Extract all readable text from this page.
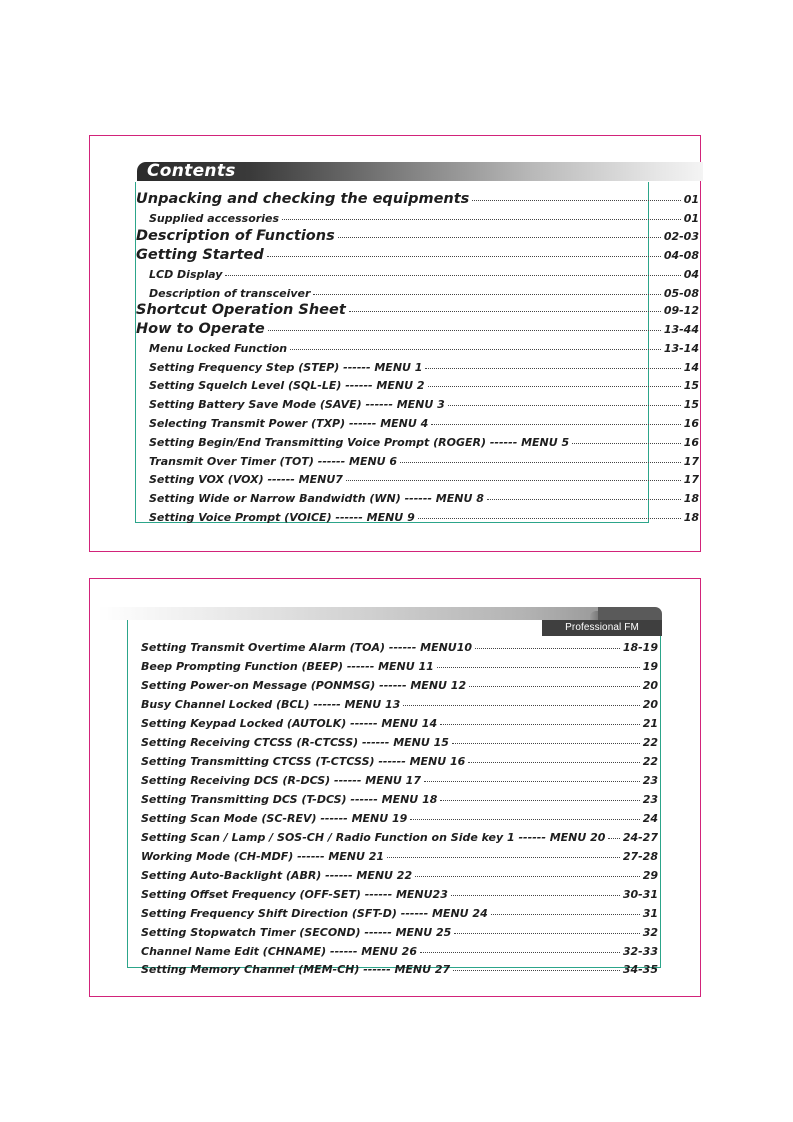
Contents
Unpacking and checking the equipments	01
Supplied accessories	01
Description of Functions	02-03
Getting Started	04-08
LCD Display	04
Description of transceiver	05-08
Shortcut Operation Sheet	09-12
How to Operate	13-44
Menu Locked Function	13-14
Setting Frequency Step (STEP) ------ MENU 1	14
Setting Squelch Level (SQL-LE) ------ MENU 2	15
Setting Battery Save Mode (SAVE) ------ MENU 3	15
Selecting Transmit Power (TXP) ------ MENU 4	16
Setting Begin/End Transmitting Voice Prompt (ROGER) ------ MENU 5	16
Transmit Over Timer (TOT) ------ MENU 6	17
Setting VOX (VOX) ------ MENU7	17
Setting Wide or Narrow Bandwidth (WN) ------ MENU 8	18
Setting Voice Prompt (VOICE) ------ MENU 9	18
Professional FM Transceiver
Setting Transmit Overtime Alarm (TOA) ------ MENU10	18-19
Beep Prompting Function (BEEP) ------ MENU 11	19
Setting Power-on Message (PONMSG) ------ MENU 12	20
Busy Channel Locked (BCL) ------ MENU 13	20
Setting Keypad Locked (AUTOLK) ------ MENU 14	21
Setting Receiving CTCSS (R-CTCSS) ------ MENU 15	22
Setting Transmitting CTCSS (T-CTCSS) ------ MENU 16	22
Setting Receiving DCS (R-DCS) ------ MENU 17	23
Setting Transmitting DCS (T-DCS) ------ MENU 18	23
Setting Scan Mode (SC-REV) ------ MENU 19	24
Setting Scan / Lamp / SOS-CH / Radio Function on Side key 1 ------ MENU 20 24-27
Working Mode (CH-MDF) ------ MENU 21	27-28
Setting Auto-Backlight (ABR) ------ MENU 22	29
Setting Offset Frequency (OFF-SET) ------ MENU23	30-31
Setting Frequency Shift Direction (SFT-D) ------ MENU 24	31
Setting Stopwatch Timer (SECOND) ------ MENU 25	32
Channel Name Edit (CHNAME) ------ MENU 26	32-33
Setting Memory Channel (MEM-CH) ------ MENU 27	34-35
